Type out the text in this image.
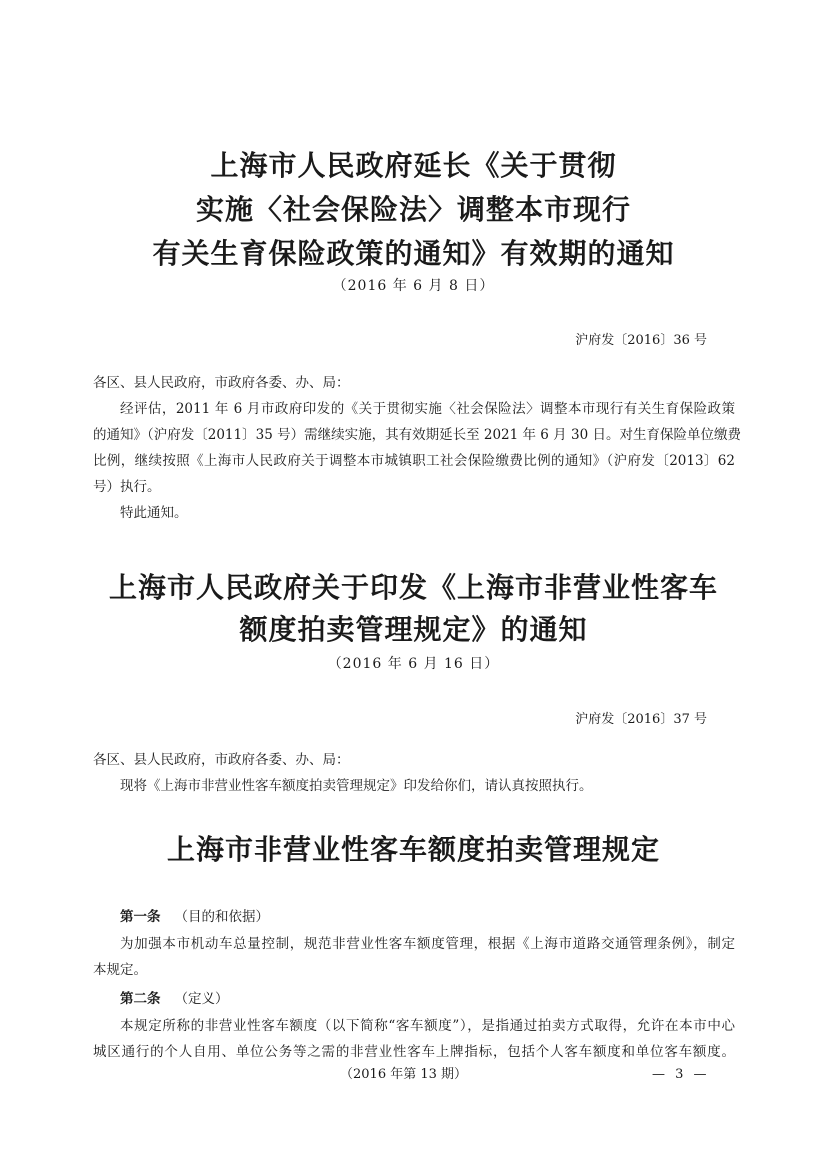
上海市人民政府延长《关于贯彻
实施〈社会保险法〉调整本市现行
有关生育保险政策的通知》有效期的通知
（2016 年 6 月 8 日）
沪府发〔2016〕36 号
各区、县人民政府，市政府各委、办、局：
经评估，2011 年 6 月市政府印发的《关于贯彻实施〈社会保险法〉调整本市现行有关生育保险政策
的通知》（沪府发〔2011〕35 号）需继续实施，其有效期延长至 2021 年 6 月 30 日。对生育保险单位缴费
比例，继续按照《上海市人民政府关于调整本市城镇职工社会保险缴费比例的通知》（沪府发〔2013〕62
号）执行。
特此通知。
上海市人民政府关于印发《上海市非营业性客车
额度拍卖管理规定》的通知
（2016 年 6 月 16 日）
沪府发〔2016〕37 号
各区、县人民政府，市政府各委、办、局：
现将《上海市非营业性客车额度拍卖管理规定》印发给你们，请认真按照执行。
上海市非营业性客车额度拍卖管理规定
第一条 （目的和依据）
为加强本市机动车总量控制，规范非营业性客车额度管理，根据《上海市道路交通管理条例》，制定
本规定。
第二条 （定义）
本规定所称的非营业性客车额度（以下简称“客车额度”），是指通过拍卖方式取得，允许在本市中心
城区通行的个人自用、单位公务等之需的非营业性客车上牌指标，包括个人客车额度和单位客车额度。
（2016 年第 13 期）	— 3 —
